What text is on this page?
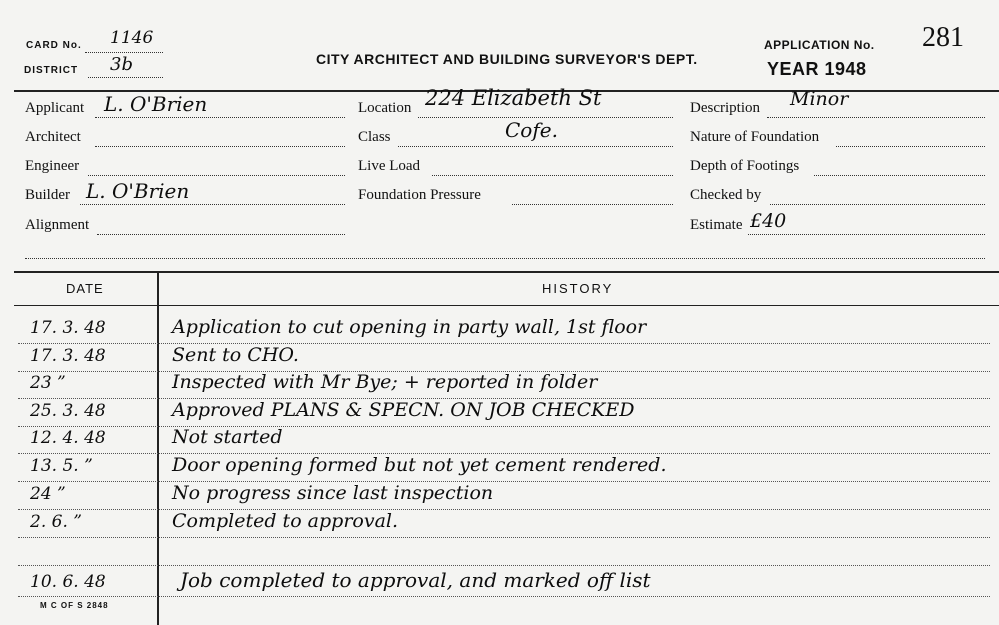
CARD No. 1146
DISTRICT 3b	CITY ARCHITECT AND BUILDING SURVEYOR'S DEPT.
APPLICATION No. 281
YEAR 1948
Applicant L. O'Brien
Architect
Engineer
Builder L. O'Brien
Alignment
Location 224 Elizabeth St
Class	Cofe.
Live Load
Foundation Pressure
Description Minor
Nature of Foundation
Depth of Footings
Checked by
Estimate £40
DATE	HISTORY
17. 3. 48	Application to cut opening in party wall, 1st floor
17. 3. 48	Sent to CHO.
23 ”	Inspected with Mr Bye; + reported in folder
25. 3. 48	Approved PLANS & SPECN. ON JOB CHECKED
12. 4. 48	Not started
13. 5. ”	Door opening formed but not yet cement rendered.
24 ”	No progress since last inspection
2. 6. ”	Completed to approval.
10. 6. 48	Job completed to approval, and marked off list
M C OF S 2848
